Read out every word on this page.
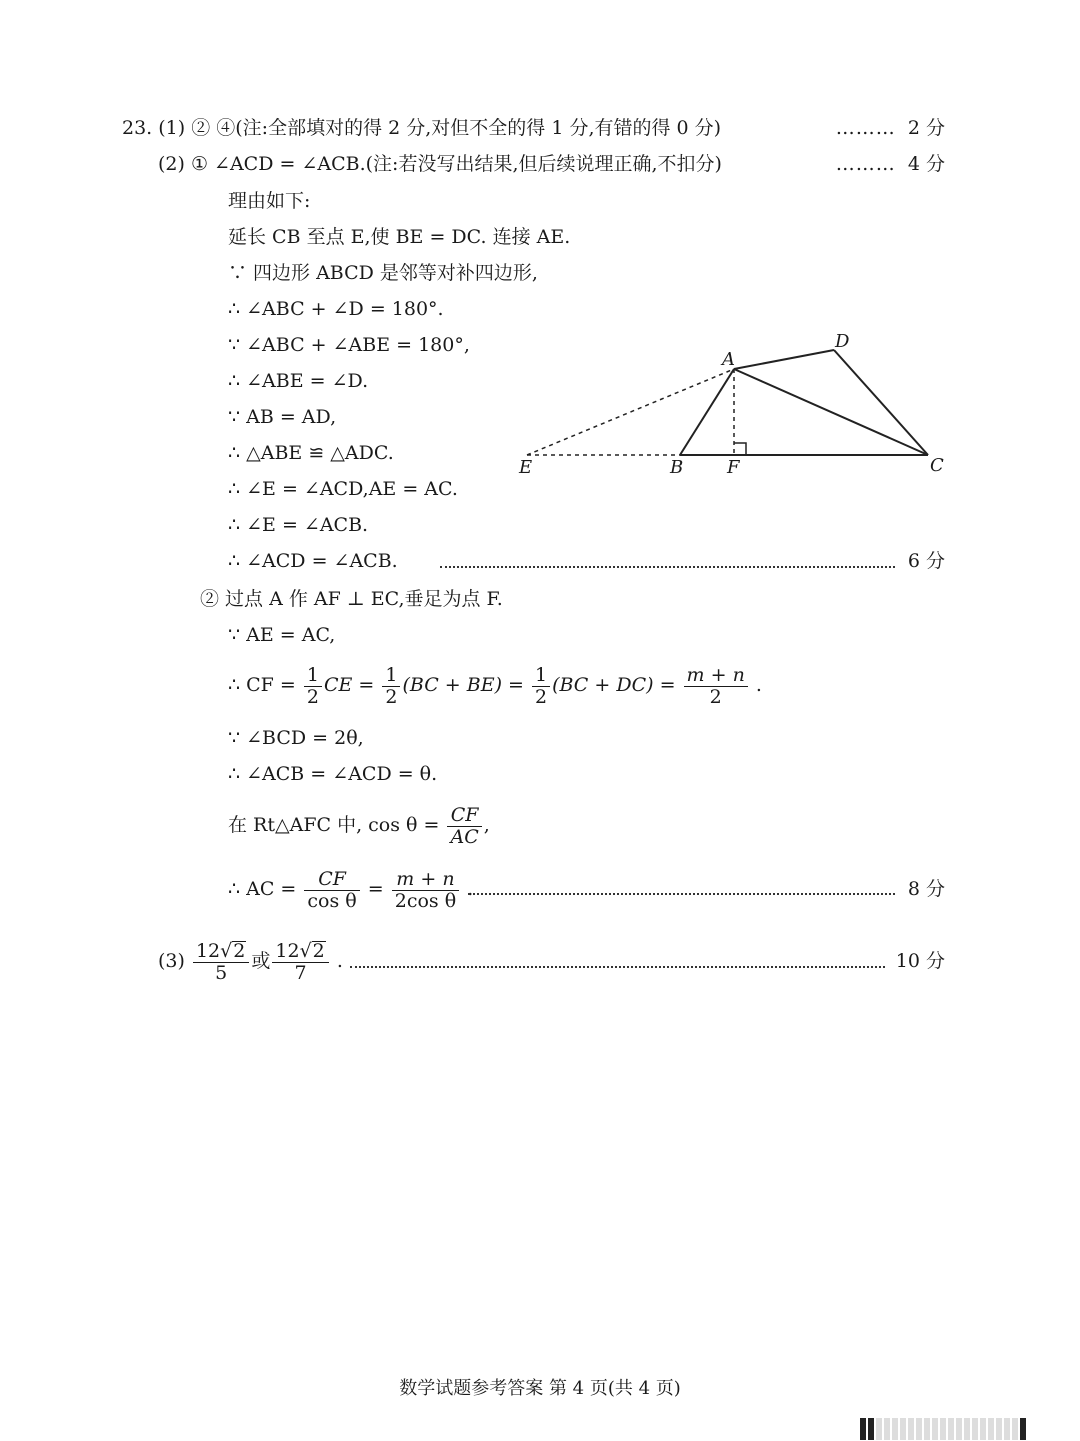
23. (1) ② ④(注:全部填对的得 2 分,对但不全的得 1 分,有错的得 0 分)	……… 2 分
(2) ① ∠ACD = ∠ACB.(注:若没写出结果,但后续说理正确,不扣分)	……… 4 分
理由如下:
延长 CB 至点 E,使 BE = DC. 连接 AE.
∵ 四边形 ABCD 是邻等对补四边形,
∴ ∠ABC + ∠D = 180°.
∵ ∠ABC + ∠ABE = 180°,
∴ ∠ABE = ∠D.
∵ AB = AD,
∴ △ABE ≌ △ADC.
∴ ∠E = ∠ACD,AE = AC.
∴ ∠E = ∠ACB.
∴ ∠ACD = ∠ACB.	6 分
A
D
E	B F	C
② 过点 A 作 AF ⊥ EC,垂足为点 F.
∵ AE = AC,
∴ CF = $\frac{1}{2}$ CE = $\frac{1}{2} (BC + BE) = \frac{1}{2} (BC + DC) = \frac{m + n}{2}$ .
∵ ∠BCD = 2θ,
∴ ∠ACB = ∠ACD = θ.
在 Rt△AFC 中, $\cos \theta = \frac{CF}{AC}$ ,
∴ AC = $\frac{CF}{\text{cos θ}} = \frac{m + n}{\text{2cos θ}}$ .	8 分
$(3) \frac{12√2}{5}$ 或 $\frac{12√2}{7}$ .	10 分
数学试题参考答案 第 4 页(共 4 页)
